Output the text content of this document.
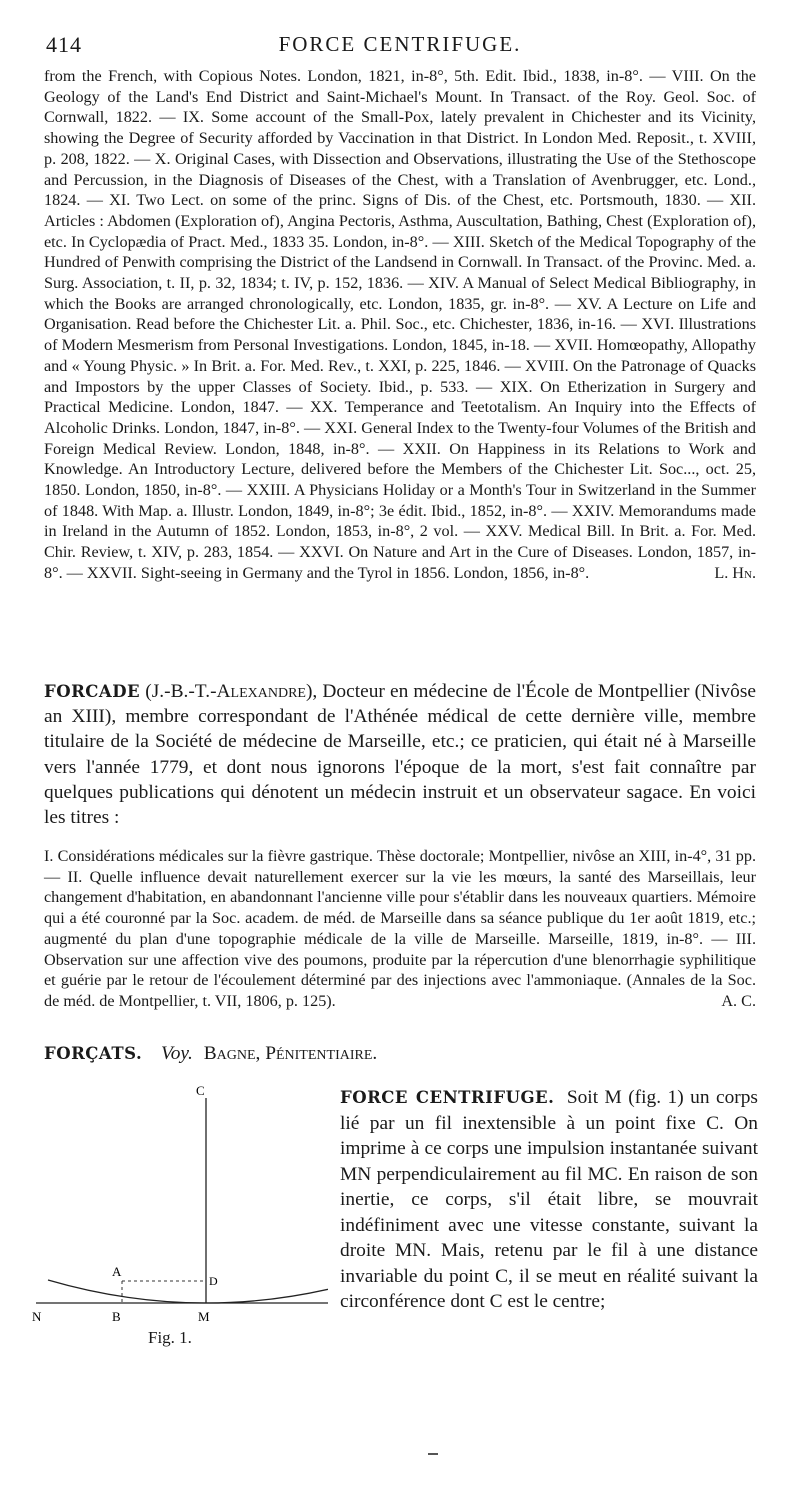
414	FORCE CENTRIFUGE.

from the French, with Copious Notes. London, 1821, in-8°, 5th. Edit. Ibid., 1838, in-8°. — VIII. On the Geology of the Land's End District and Saint-Michael's Mount. In Transact. of the Roy. Geol. Soc. of Cornwall, 1822. — IX. Some account of the Small-Pox, lately prevalent in Chichester and its Vicinity, showing the Degree of Security afforded by Vaccination in that District. In London Med. Reposit., t. XVIII, p. 208, 1822. — X. Original Cases, with Dissection and Observations, illustrating the Use of the Stethoscope and Percussion, in the Diagnosis of Diseases of the Chest, with a Translation of Avenbrugger, etc. Lond., 1824. — XI. Two Lect. on some of the princ. Signs of Dis. of the Chest, etc. Portsmouth, 1830. — XII. Articles : Abdomen (Exploration of), Angina Pectoris, Asthma, Auscultation, Bathing, Chest (Exploration of), etc. In Cyclopædia of Pract. Med., 1833 35. London, in-8°. — XIII. Sketch of the Medical Topography of the Hundred of Penwith comprising the District of the Landsend in Cornwall. In Transact. of the Provinc. Med. a. Surg. Association, t. II, p. 32, 1834; t. IV, p. 152, 1836. — XIV. A Manual of Select Medical Bibliography, in which the Books are arranged chronologically, etc. London, 1835, gr. in-8°. — XV. A Lecture on Life and Organisation. Read before the Chichester Lit. a. Phil. Soc., etc. Chichester, 1836, in-16. — XVI. Illustrations of Modern Mesmerism from Personal Investigations. London, 1845, in-18. — XVII. Homœopathy, Allopathy and « Young Physic. » In Brit. a. For. Med. Rev., t. XXI, p. 225, 1846. — XVIII. On the Patronage of Quacks and Impostors by the upper Classes of Society. Ibid., p. 533. — XIX. On Etherization in Surgery and Practical Medicine. London, 1847. — XX. Temperance and Teetotalism. An Inquiry into the Effects of Alcoholic Drinks. London, 1847, in-8°. — XXI. General Index to the Twenty-four Volumes of the British and Foreign Medical Review. London, 1848, in-8°. — XXII. On Happiness in its Relations to Work and Knowledge. An Introductory Lecture, delivered before the Members of the Chichester Lit. Soc..., oct. 25, 1850. London, 1850, in-8°. — XXIII. A Physicians Holiday or a Month's Tour in Switzerland in the Summer of 1848. With Map. a. Illustr. London, 1849, in-8°; 3e édit. Ibid., 1852, in-8°. — XXIV. Memorandums made in Ireland in the Autumn of 1852. London, 1853, in-8°, 2 vol. — XXV. Medical Bill. In Brit. a. For. Med. Chir. Review, t. XIV, p. 283, 1854. — XXVI. On Nature and Art in the Cure of Diseases. London, 1857, in-8°. — XXVII. Sight-seeing in Germany and the Tyrol in 1856. London, 1856, in-8°.	L. Hn.

FORCADE (J.-B.-T.-Alexandre), Docteur en médecine de l'École de Montpellier (Nivôse an XIII), membre correspondant de l'Athénée médical de cette dernière ville, membre titulaire de la Société de médecine de Marseille, etc.; ce praticien, qui était né à Marseille vers l'année 1779, et dont nous ignorons l'époque de la mort, s'est fait connaître par quelques publications qui dénotent un médecin instruit et un observateur sagace. En voici les titres :

I. Considérations médicales sur la fièvre gastrique. Thèse doctorale; Montpellier, nivôse an XIII, in-4°, 31 pp. — II. Quelle influence devait naturellement exercer sur la vie les mœurs, la santé des Marseillais, leur changement d'habitation, en abandonnant l'ancienne ville pour s'établir dans les nouveaux quartiers. Mémoire qui a été couronné par la Soc. academ. de méd. de Marseille dans sa séance publique du 1er août 1819, etc.; augmenté du plan d'une topographie médicale de la ville de Marseille. Marseille, 1819, in-8°. — III. Observation sur une affection vive des poumons, produite par la répercution d'une blenorrhagie syphilitique et guérie par le retour de l'écoulement déterminé par des injections avec l'ammoniaque. (Annales de la Soc. de méd. de Montpellier, t. VII, 1806, p. 125).	A. C.

FORÇATS. Voy. Bagne, Pénitentiaire.
C
A
D
N	B	M
Fig. 1.

FORCE CENTRIFUGE. Soit M (fig. 1) un corps lié par un fil inextensible à un point fixe C. On imprime à ce corps une impulsion instantanée suivant MN perpendiculairement au fil MC. En raison de son inertie, ce corps, s'il était libre, se mouvrait indéfiniment avec une vitesse constante, suivant la droite MN. Mais, retenu par le fil à une distance invariable du point C, il se meut en réalité suivant la circonférence dont C est le centre;
